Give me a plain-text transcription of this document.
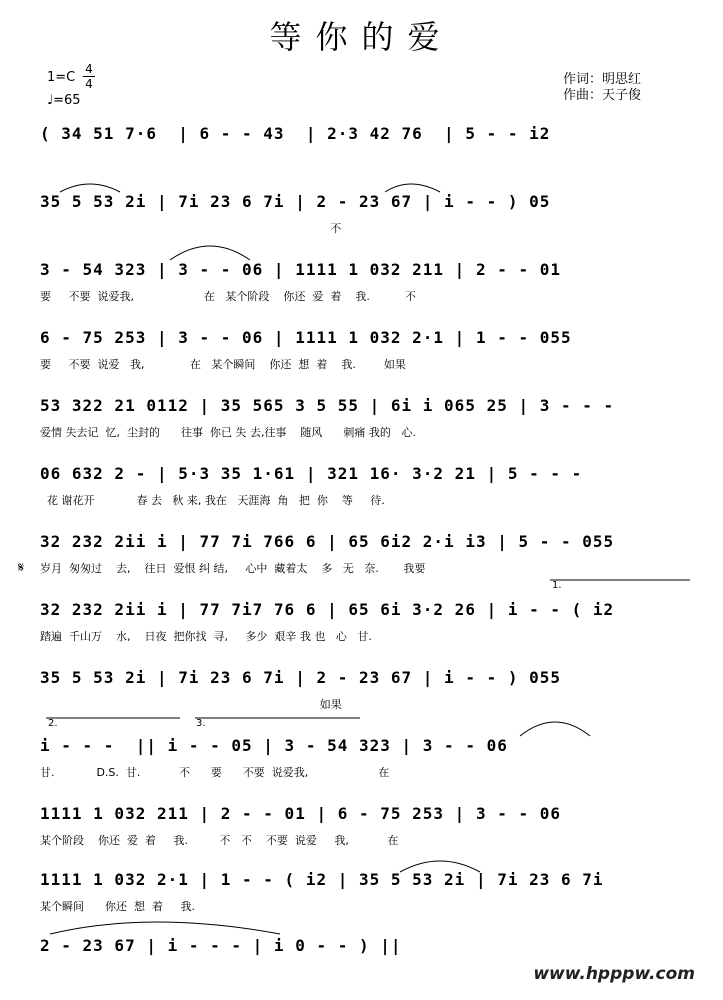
等你的爱
1=C
4
4
♩=65
作词：明思红
作曲：天子俊
( 34 51 7·6  | 6 - - 43  | 2·3 42 76  | 5 - - i2
35 5 53 2i | 7i 23 6 7i | 2 - 23 67 | i - - ) 05
不
3 - 54 323 | 3 - - 06 | 1111 1 032 211 | 2 - - 01
要     不要  说爱我,                    在   某个阶段    你还  爱  着    我.          不
6 - 75 253 | 3 - - 06 | 1111 1 032 2·1 | 1 - - 055
要     不要  说爱   我,             在   某个瞬间    你还  想  着    我.        如果
53 322 21 0112 | 35 565 3 5 55 | 6i i 065 25 | 3 - - -
爱情 失去记  忆,  尘封的      往事  你已 失 去,往事    随风      刺痛 我的   心.
06 632 2 - | 5·3 35 1·61 | 321 16· 3·2 21 | 5 - - -
花 谢花开            春 去   秋 来, 我在   天涯海  角   把  你    等     待.
32 232 2ii i | 77 7i 766 6 | 65 6i2 2·i i3 | 5 - - 055
岁月  匆匆过    去,    往日  爱恨 纠 结,     心中  藏着太    多   无   奈.       我要
32 232 2ii i | 77 7i7 76 6 | 65 6i 3·2 26 | i - - ( i2
踏遍  千山万    水,    日夜  把你找  寻,     多少  艰辛 我 也   心   甘.
35 5 53 2i | 7i 23 6 7i | 2 - 23 67 | i - - ) 055
如果
i - - -  || i - - 05 | 3 - 54 323 | 3 - - 06
甘.            D.S.  甘.           不      要      不要  说爱我,                    在
1111 1 032 211 | 2 - - 01 | 6 - 75 253 | 3 - - 06
某个阶段    你还  爱  着     我.         不   不    不要  说爱     我,           在
1111 1 032 2·1 | 1 - - ( i2 | 35 5 53 2i | 7i 23 6 7i
某个瞬间      你还  想  着     我.
2 - 23 67 | i - - - | i 0 - - ) ||
𝄋
1.
2.	3.
www.hpppw.com
